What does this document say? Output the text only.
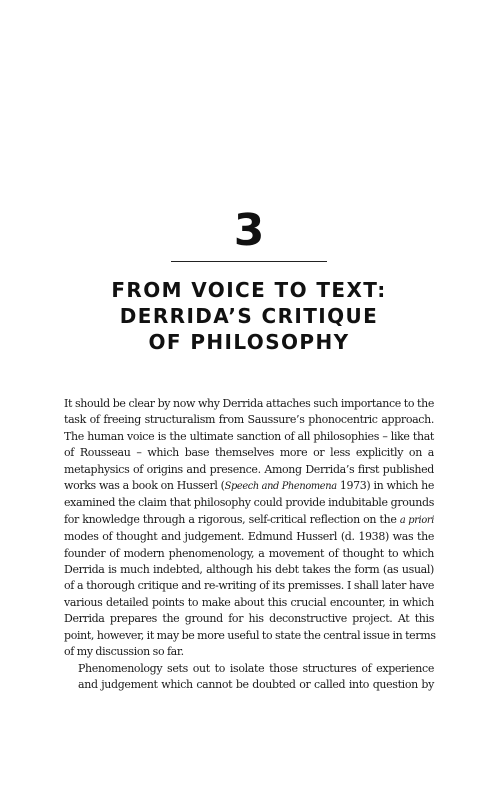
3
FROM VOICE TO TEXT:
DERRIDA’S CRITIQUE
OF PHILOSOPHY
It should be clear by now why Derrida attaches such importance to the
task of freeing structuralism from Saussure’s phonocentric approach.
The human voice is the ultimate sanction of all philosophies – like that
of Rousseau – which base themselves more or less explicitly on a
metaphysics of origins and presence. Among Derrida’s first published
works was a book on Husserl (Speech and Phenomena 1973) in which he
examined the claim that philosophy could provide indubitable grounds
for knowledge through a rigorous, self-critical reflection on the a priori
modes of thought and judgement. Edmund Husserl (d. 1938) was the
founder of modern phenomenology, a movement of thought to which
Derrida is much indebted, although his debt takes the form (as usual)
of a thorough critique and re-writing of its premisses. I shall later have
various detailed points to make about this crucial encounter, in which
Derrida prepares the ground for his deconstructive project. At this
point, however, it may be more useful to state the central issue in terms
of my discussion so far.
Phenomenology sets out to isolate those structures of experience
and judgement which cannot be doubted or called into question by
